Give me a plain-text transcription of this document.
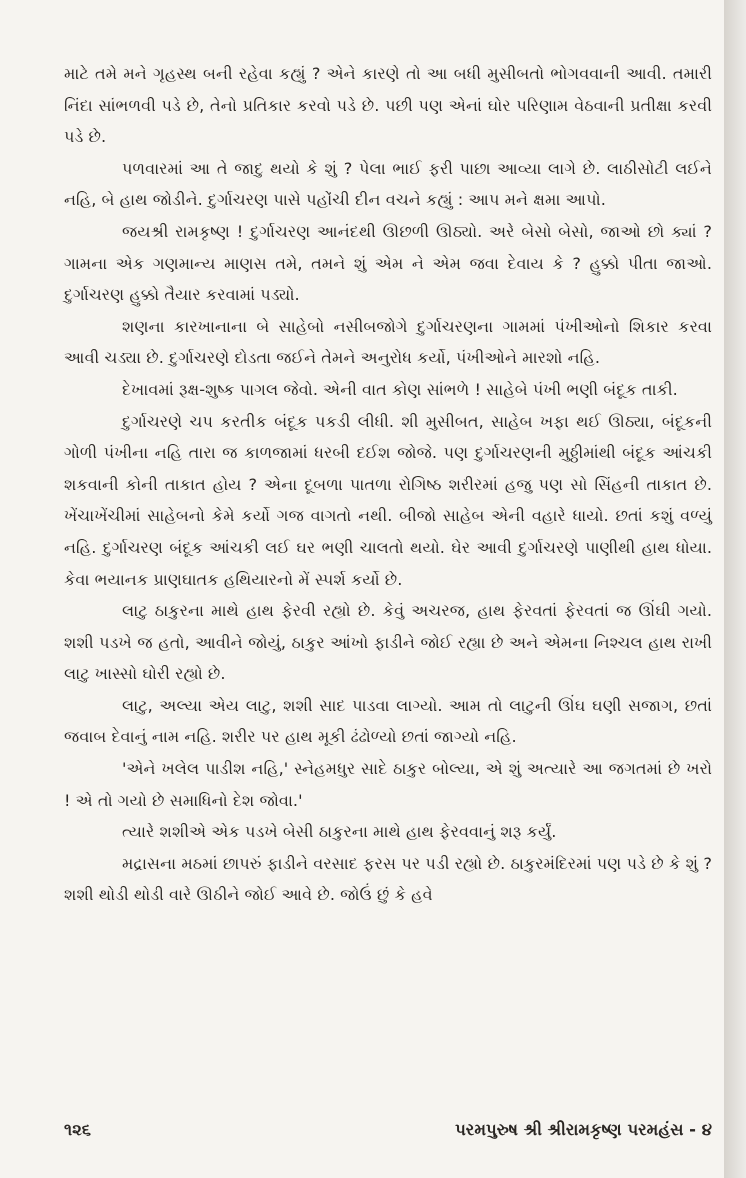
માટે તમે મને ગૃહસ્થ બની રહેવા કહ્યું ? એને કારણે તો આ બધી મુસીબતો ભોગવવાની આવી. તમારી નિંદા સાંભળવી પડે છે, તેનો પ્રતિકાર કરવો પડે છે. પછી પણ એનાં ઘોર પરિણામ વેઠવાની પ્રતીક્ષા કરવી પડે છે.

પળવારમાં આ તે જાદુ થયો કે શું ? પેલા ભાઈ ફરી પાછા આવ્યા લાગે છે. લાઠીસોટી લઈને નહિ, બે હાથ જોડીને. દુર્ગાચરણ પાસે પહોંચી દીન વચને કહ્યું : આપ મને ક્ષમા આપો.

જયશ્રી રામકૃષ્ણ ! દુર્ગાચરણ આનંદથી ઊછળી ઊઠ્યો. અરે બેસો બેસો, જાઓ છો ક્યાં ? ગામના એક ગણમાન્ય માણસ તમે, તમને શું એમ ને એમ જવા દેવાય કે ? હુક્કો પીતા જાઓ. દુર્ગાચરણ હુક્કો તૈયાર કરવામાં પડ્યો.

શણના કારખાનાના બે સાહેબો નસીબજોગે દુર્ગાચરણના ગામમાં પંખીઓનો શિકાર કરવા આવી ચડ્યા છે. દુર્ગાચરણે દોડતા જઈને તેમને અનુરોધ કર્યો, પંખીઓને મારશો નહિ.

દેખાવમાં રૂક્ષ-શુષ્ક પાગલ જેવો. એની વાત કોણ સાંભળે ! સાહેબે પંખી ભણી બંદૂક તાકી.

દુર્ગાચરણે ચપ કરતીક બંદૂક પકડી લીધી. શી મુસીબત, સાહેબ ખફા થઈ ઊઠ્યા, બંદૂકની ગોળી પંખીના નહિ તારા જ કાળજામાં ધરબી દઈશ જોજે. પણ દુર્ગાચરણની મુઠ્ઠીમાંથી બંદૂક આંચકી શકવાની કોની તાકાત હોય ? એના દૂબળા પાતળા રોગિષ્ઠ શરીરમાં હજુ પણ સો સિંહની તાકાત છે. ખેંચાખેંચીમાં સાહેબનો કેમે કર્યો ગજ વાગતો નથી. બીજો સાહેબ એની વહારે ધાયો. છતાં કશું વળ્યું નહિ. દુર્ગાચરણ બંદૂક આંચકી લઈ ઘર ભણી ચાલતો થયો. ઘેર આવી દુર્ગાચરણે પાણીથી હાથ ધોયા. કેવા ભયાનક પ્રાણઘાતક હથિયારનો મેં સ્પર્શ કર્યો છે.

લાટુ ઠાકુરના માથે હાથ ફેરવી રહ્યો છે. કેવું અચરજ, હાથ ફેરવતાં ફેરવતાં જ ઊંઘી ગયો. શશી પડખે જ હતો, આવીને જોયું, ઠાકુર આંખો ફાડીને જોઈ રહ્યા છે અને એમના નિશ્ચલ હાથ રાખી લાટુ ખાસ્સો ઘોરી રહ્યો છે.

લાટુ, અલ્યા એય લાટુ, શશી સાદ પાડવા લાગ્યો. આમ તો લાટુની ઊંઘ ઘણી સજાગ, છતાં જવાબ દેવાનું નામ નહિ. શરીર પર હાથ મૂકી ઢંઢોળ્યો છતાં જાગ્યો નહિ.

'એને ખલેલ પાડીશ નહિ,' સ્નેહમધુર સાદે ઠાકુર બોલ્યા, એ શું અત્યારે આ જગતમાં છે ખરો ! એ તો ગયો છે સમાધિનો દેશ જોવા.'

ત્યારે શશીએ એક પડખે બેસી ઠાકુરના માથે હાથ ફેરવવાનું શરૂ કર્યું.

મદ્રાસના મઠમાં છાપરું ફાડીને વરસાદ ફરસ પર પડી રહ્યો છે. ઠાકુરમંદિરમાં પણ પડે છે કે શું ? શશી થોડી થોડી વારે ઊઠીને જોઈ આવે છે. જોઉં છું કે હવે

૧૨૬	પરમપુરુષ શ્રી શ્રીરામકૃષ્ણ પરમહંસ - ૪
